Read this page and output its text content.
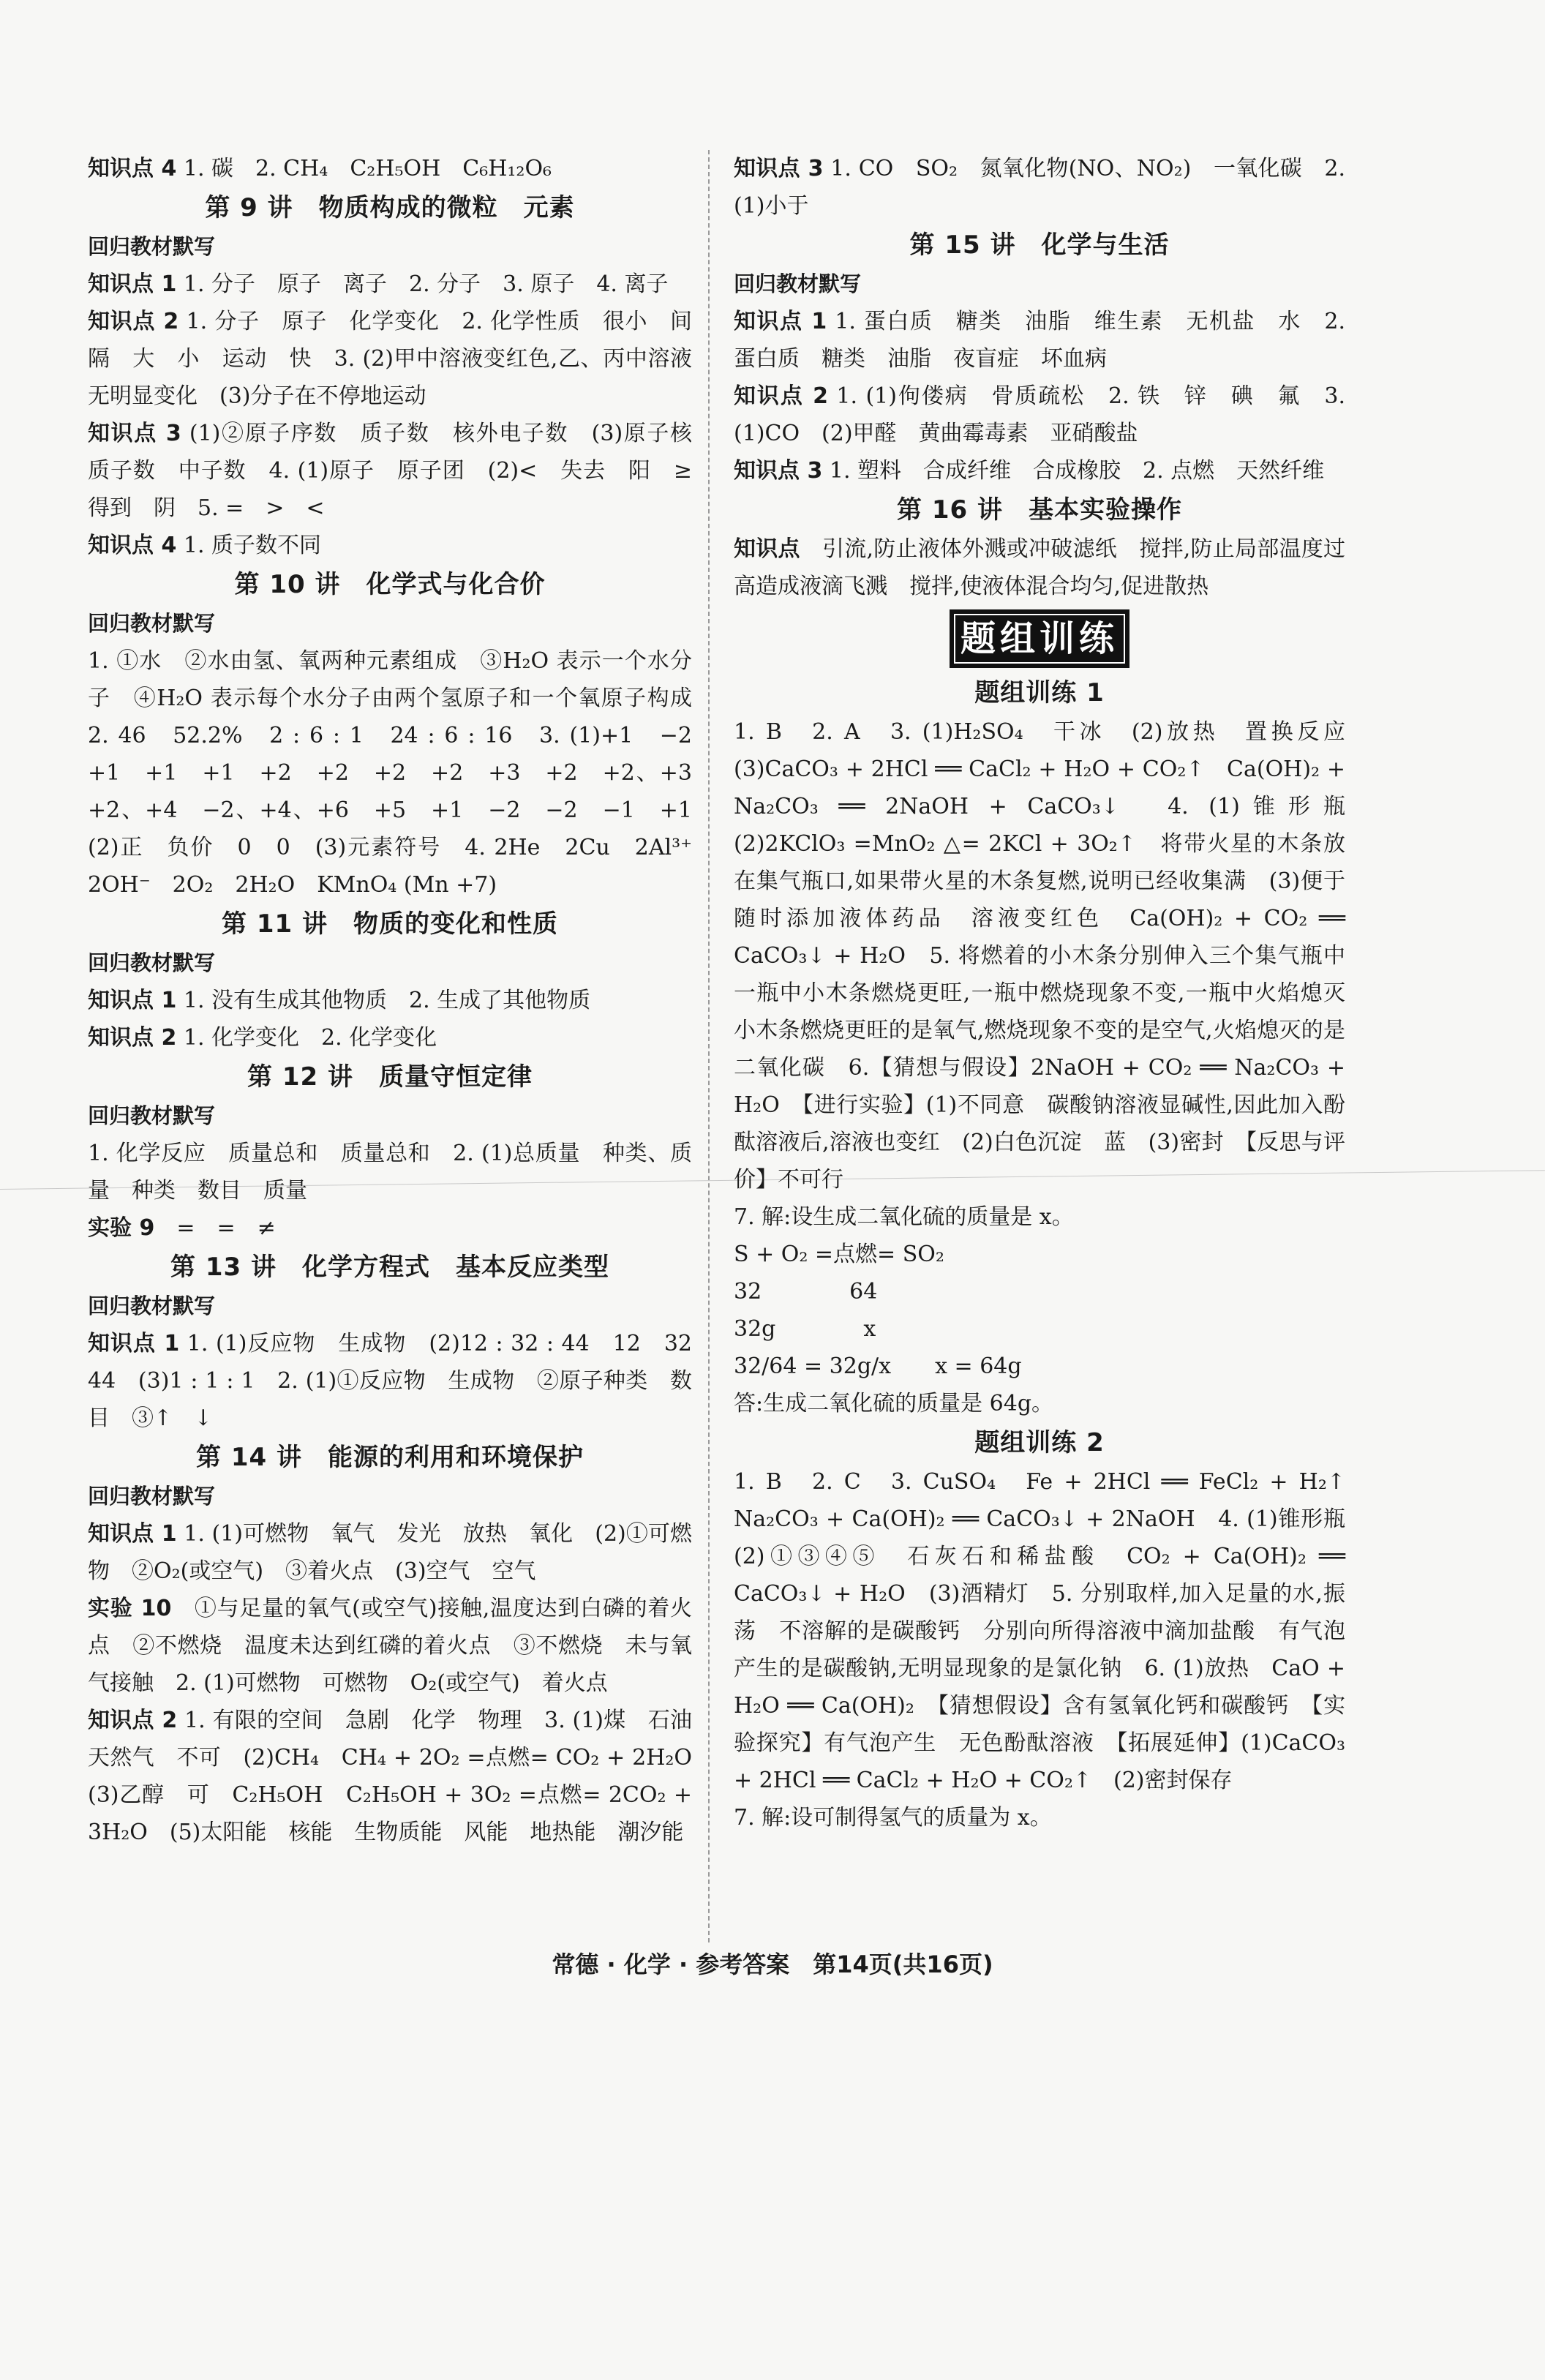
知识点 4 1. 碳　2. CH₄　C₂H₅OH　C₆H₁₂O₆

第 9 讲　物质构成的微粒　元素
回归教材默写

知识点 1 1. 分子　原子　离子　2. 分子　3. 原子　4. 离子

知识点 2 1. 分子　原子　化学变化　2. 化学性质　很小　间隔　大　小　运动　快　3. (2)甲中溶液变红色,乙、丙中溶液无明显变化　(3)分子在不停地运动

知识点 3 (1)②原子序数　质子数　核外电子数　(3)原子核　质子数　中子数　4. (1)原子　原子团　(2)<　失去　阳　≥　得到　阴　5. =　>　<

知识点 4 1. 质子数不同

第 10 讲　化学式与化合价
回归教材默写

1. ①水　②水由氢、氧两种元素组成　③H₂O 表示一个水分子　④H₂O 表示每个水分子由两个氢原子和一个氧原子构成　2. 46　52.2%　2 : 6 : 1　24 : 6 : 16　3. (1)+1　−2　+1　+1　+1　+2　+2　+2　+2　+3　+2　+2、+3　+2、+4　−2、+4、+6　+5　+1　−2　−2　−1　+1　(2)正　负价　0　0　(3)元素符号　4. 2He　2Cu　2Al³⁺　2OH⁻　2O₂　2H₂O　KMnO₄ (Mn +7)

第 11 讲　物质的变化和性质
回归教材默写

知识点 1 1. 没有生成其他物质　2. 生成了其他物质

知识点 2 1. 化学变化　2. 化学变化

第 12 讲　质量守恒定律
回归教材默写

1. 化学反应　质量总和　质量总和　2. (1)总质量　种类、质量　种类　数目　质量

实验 9　=　=　≠

第 13 讲　化学方程式　基本反应类型
回归教材默写

知识点 1 1. (1)反应物　生成物　(2)12 : 32 : 44　12　32　44　(3)1 : 1 : 1　2. (1)①反应物　生成物　②原子种类　数目　③↑　↓

第 14 讲　能源的利用和环境保护
回归教材默写

知识点 1 1. (1)可燃物　氧气　发光　放热　氧化　(2)①可燃物　②O₂(或空气)　③着火点　(3)空气　空气

实验 10　①与足量的氧气(或空气)接触,温度达到白磷的着火点　②不燃烧　温度未达到红磷的着火点　③不燃烧　未与氧气接触　2. (1)可燃物　可燃物　O₂(或空气)　着火点

知识点 2 1. 有限的空间　急剧　化学　物理　3. (1)煤　石油　天然气　不可　(2)CH₄　CH₄ + 2O₂ =点燃= CO₂ + 2H₂O　(3)乙醇　可　C₂H₅OH　C₂H₅OH + 3O₂ =点燃= 2CO₂ + 3H₂O　(5)太阳能　核能　生物质能　风能　地热能　潮汐能

知识点 3 1. CO　SO₂　氮氧化物(NO、NO₂)　一氧化碳　2. (1)小于

第 15 讲　化学与生活
回归教材默写

知识点 1 1. 蛋白质　糖类　油脂　维生素　无机盐　水　2. 蛋白质　糖类　油脂　夜盲症　坏血病

知识点 2 1. (1)佝偻病　骨质疏松　2. 铁　锌　碘　氟　3. (1)CO　(2)甲醛　黄曲霉毒素　亚硝酸盐

知识点 3 1. 塑料　合成纤维　合成橡胶　2. 点燃　天然纤维

第 16 讲　基本实验操作

知识点　引流,防止液体外溅或冲破滤纸　搅拌,防止局部温度过高造成液滴飞溅　搅拌,使液体混合均匀,促进散热

题组训练
题组训练 1

1. B　2. A　3. (1)H₂SO₄　干冰　(2)放热　置换反应　(3)CaCO₃ + 2HCl ══ CaCl₂ + H₂O + CO₂↑　Ca(OH)₂ + Na₂CO₃ ══ 2NaOH + CaCO₃↓　4. (1)锥形瓶　(2)2KClO₃ =MnO₂ △= 2KCl + 3O₂↑　将带火星的木条放在集气瓶口,如果带火星的木条复燃,说明已经收集满　(3)便于随时添加液体药品　溶液变红色　Ca(OH)₂ + CO₂ ══ CaCO₃↓ + H₂O　5. 将燃着的小木条分别伸入三个集气瓶中　一瓶中小木条燃烧更旺,一瓶中燃烧现象不变,一瓶中火焰熄灭　小木条燃烧更旺的是氧气,燃烧现象不变的是空气,火焰熄灭的是二氧化碳　6.【猜想与假设】2NaOH + CO₂ ══ Na₂CO₃ + H₂O　【进行实验】(1)不同意　碳酸钠溶液显碱性,因此加入酚酞溶液后,溶液也变红　(2)白色沉淀　蓝　(3)密封　【反思与评价】不可行

7. 解:设生成二氧化硫的质量是 x。

S + O₂ =点燃= SO₂

32　　　　64

32g　　　　x

32/64 = 32g/x　　x = 64g

答:生成二氧化硫的质量是 64g。

题组训练 2

1. B　2. C　3. CuSO₄　Fe + 2HCl ══ FeCl₂ + H₂↑　Na₂CO₃ + Ca(OH)₂ ══ CaCO₃↓ + 2NaOH　4. (1)锥形瓶　(2)①③④⑤　石灰石和稀盐酸　CO₂ + Ca(OH)₂ ══ CaCO₃↓ + H₂O　(3)酒精灯　5. 分别取样,加入足量的水,振荡　不溶解的是碳酸钙　分别向所得溶液中滴加盐酸　有气泡产生的是碳酸钠,无明显现象的是氯化钠　6. (1)放热　CaO + H₂O ══ Ca(OH)₂　【猜想假设】含有氢氧化钙和碳酸钙　【实验探究】有气泡产生　无色酚酞溶液　【拓展延伸】(1)CaCO₃ + 2HCl ══ CaCl₂ + H₂O + CO₂↑　(2)密封保存

7. 解:设可制得氢气的质量为 x。

常德 · 化学 · 参考答案　第14页(共16页)
